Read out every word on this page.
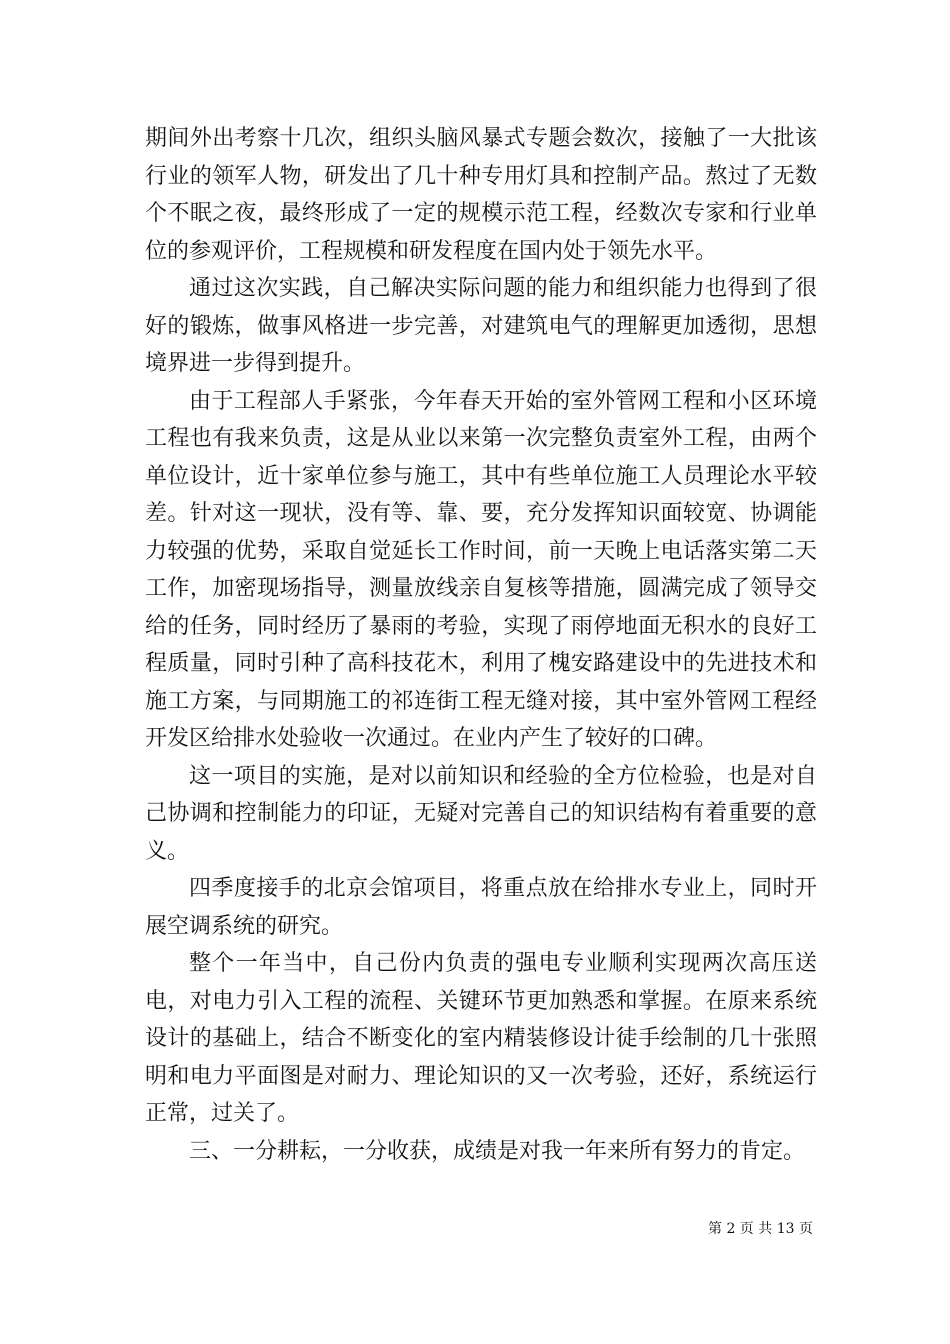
期间外出考察十几次，组织头脑风暴式专题会数次，接触了一大批该行业的领军人物，研发出了几十种专用灯具和控制产品。熬过了无数个不眠之夜，最终形成了一定的规模示范工程，经数次专家和行业单位的参观评价，工程规模和研发程度在国内处于领先水平。

通过这次实践，自己解决实际问题的能力和组织能力也得到了很好的锻炼，做事风格进一步完善，对建筑电气的理解更加透彻，思想境界进一步得到提升。

由于工程部人手紧张，今年春天开始的室外管网工程和小区环境工程也有我来负责，这是从业以来第一次完整负责室外工程，由两个单位设计，近十家单位参与施工，其中有些单位施工人员理论水平较差。针对这一现状，没有等、靠、要，充分发挥知识面较宽、协调能力较强的优势，采取自觉延长工作时间，前一天晚上电话落实第二天工作，加密现场指导，测量放线亲自复核等措施，圆满完成了领导交给的任务，同时经历了暴雨的考验，实现了雨停地面无积水的良好工程质量，同时引种了高科技花木，利用了槐安路建设中的先进技术和施工方案，与同期施工的祁连街工程无缝对接，其中室外管网工程经开发区给排水处验收一次通过。在业内产生了较好的口碑。

这一项目的实施，是对以前知识和经验的全方位检验，也是对自己协调和控制能力的印证，无疑对完善自己的知识结构有着重要的意义。

四季度接手的北京会馆项目，将重点放在给排水专业上，同时开展空调系统的研究。

整个一年当中，自己份内负责的强电专业顺利实现两次高压送电，对电力引入工程的流程、关键环节更加熟悉和掌握。在原来系统设计的基础上，结合不断变化的室内精装修设计徒手绘制的几十张照明和电力平面图是对耐力、理论知识的又一次考验，还好，系统运行正常，过关了。

三、一分耕耘，一分收获，成绩是对我一年来所有努力的肯定。

第 2 页 共 13 页
